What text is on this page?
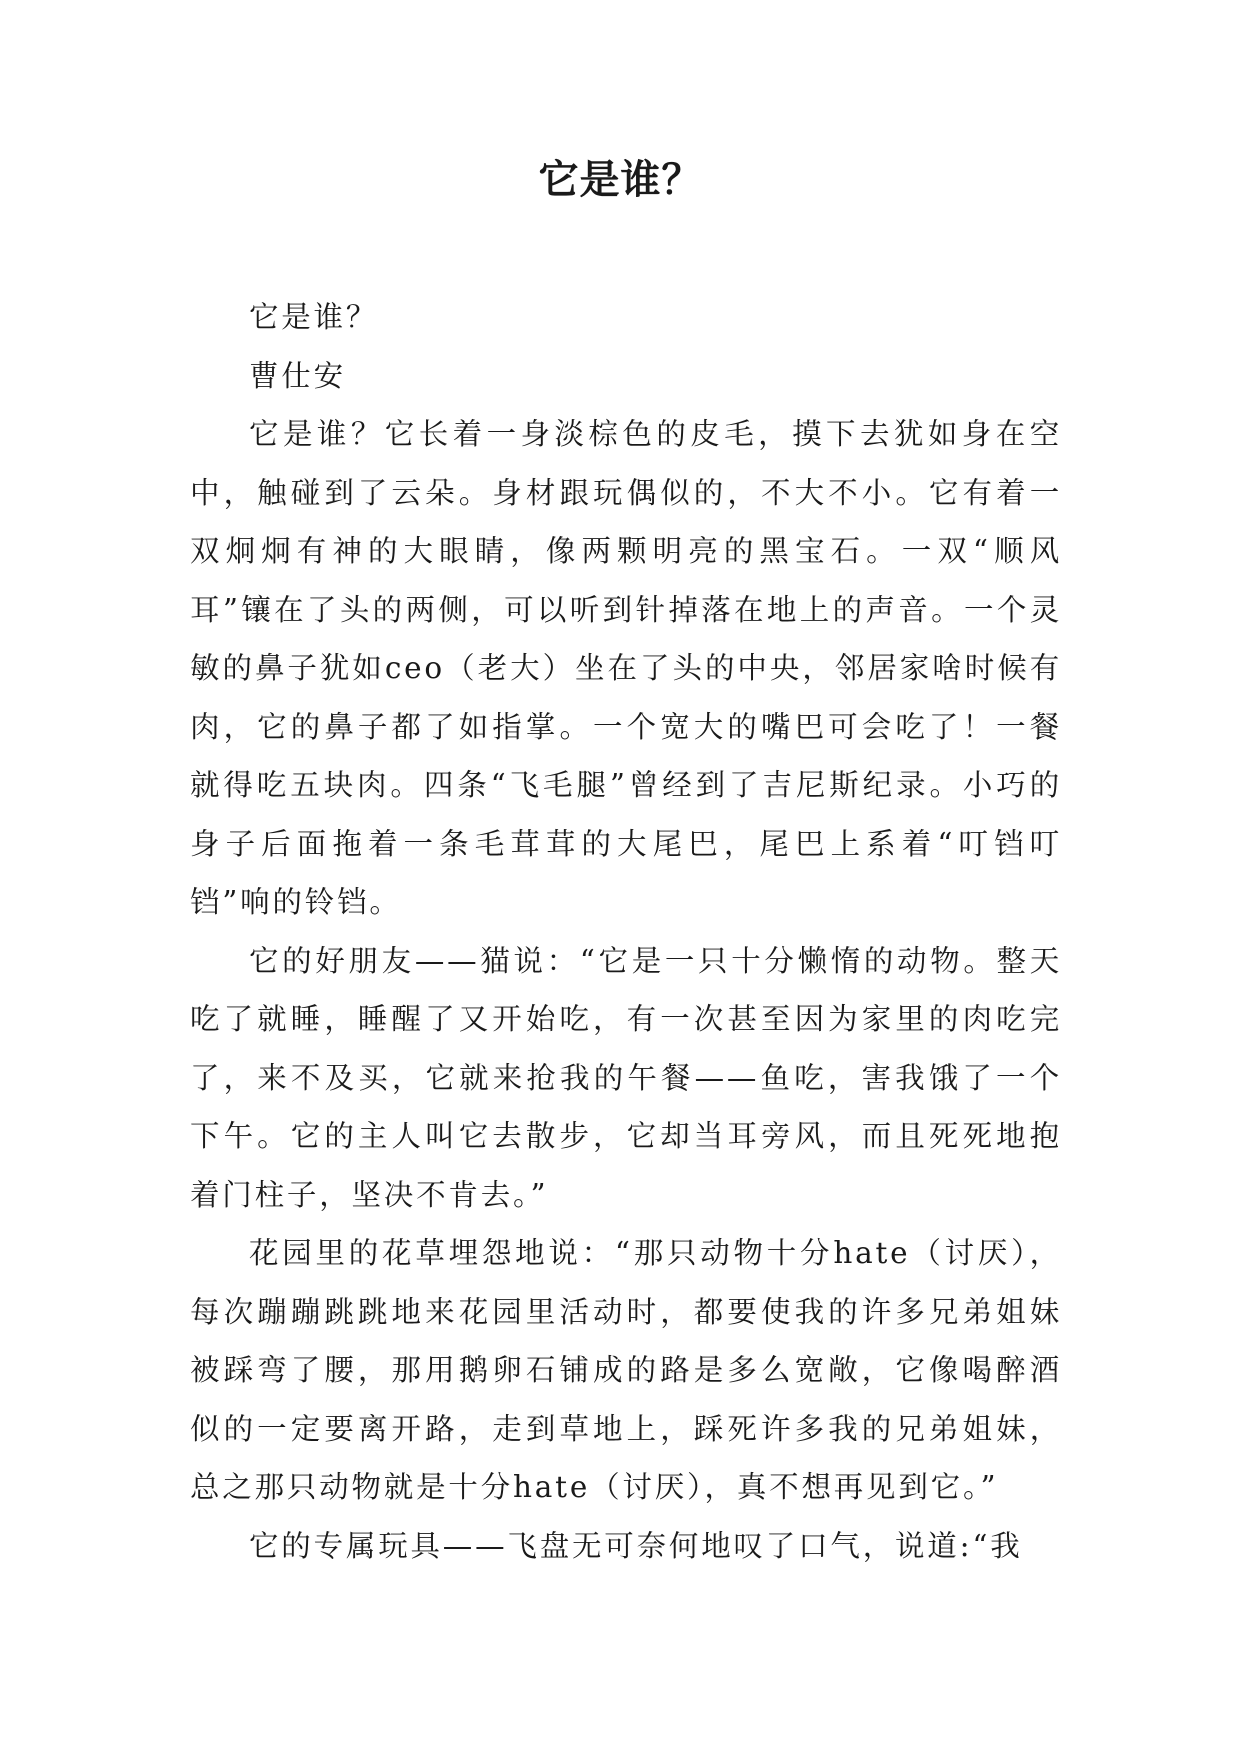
它是谁？

它是谁？

曹仕安

它是谁？它长着一身淡棕色的皮毛，摸下去犹如身在空中，触碰到了云朵。身材跟玩偶似的，不大不小。它有着一双炯炯有神的大眼睛，像两颗明亮的黑宝石。一双“顺风耳”镶在了头的两侧，可以听到针掉落在地上的声音。一个灵敏的鼻子犹如ceo（老大）坐在了头的中央，邻居家啥时候有肉，它的鼻子都了如指掌。一个宽大的嘴巴可会吃了！一餐就得吃五块肉。四条“飞毛腿”曾经到了吉尼斯纪录。小巧的身子后面拖着一条毛茸茸的大尾巴，尾巴上系着“叮铛叮铛”响的铃铛。

它的好朋友——猫说：“它是一只十分懒惰的动物。整天吃了就睡，睡醒了又开始吃，有一次甚至因为家里的肉吃完了，来不及买，它就来抢我的午餐——鱼吃，害我饿了一个下午。它的主人叫它去散步，它却当耳旁风，而且死死地抱着门柱子，坚决不肯去。”

花园里的花草埋怨地说：“那只动物十分hate（讨厌），每次蹦蹦跳跳地来花园里活动时，都要使我的许多兄弟姐妹被踩弯了腰，那用鹅卵石铺成的路是多么宽敞，它像喝醉酒似的一定要离开路，走到草地上，踩死许多我的兄弟姐妹，总之那只动物就是十分hate（讨厌），真不想再见到它。”

它的专属玩具——飞盘无可奈何地叹了口气，说道:“我
